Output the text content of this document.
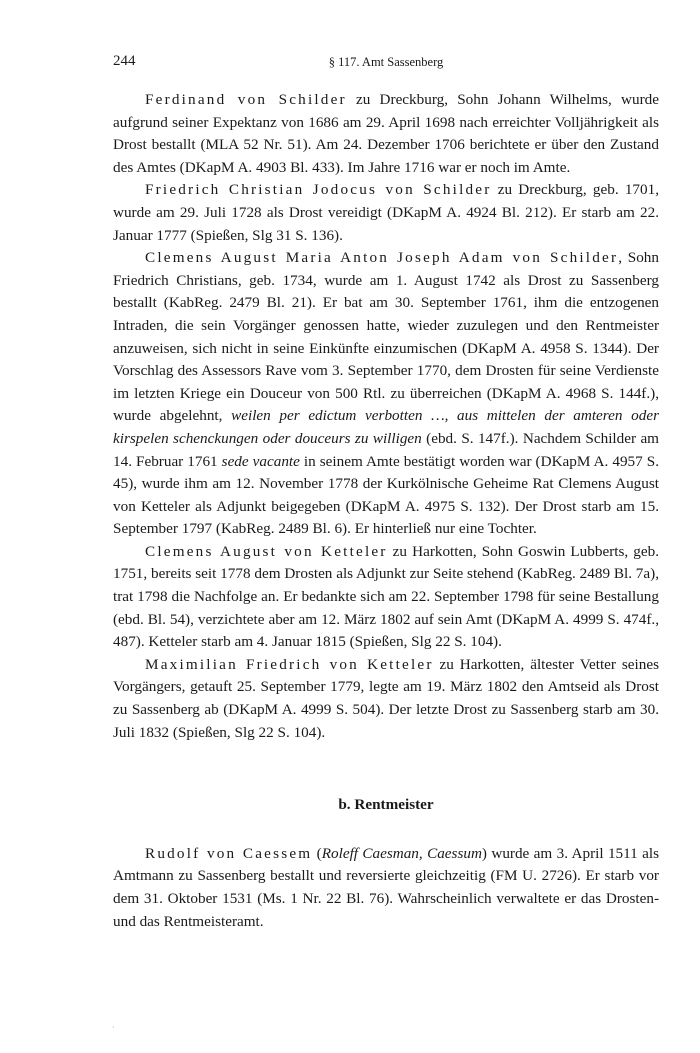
244	§ 117. Amt Sassenberg

Ferdinand von Schilder zu Dreckburg, Sohn Johann Wilhelms, wurde aufgrund seiner Expektanz von 1686 am 29. April 1698 nach erreichter Volljährigkeit als Drost bestallt (MLA 52 Nr. 51). Am 24. Dezember 1706 berichtete er über den Zustand des Amtes (DKapM A. 4903 Bl. 433). Im Jahre 1716 war er noch im Amte.

Friedrich Christian Jodocus von Schilder zu Dreckburg, geb. 1701, wurde am 29. Juli 1728 als Drost vereidigt (DKapM A. 4924 Bl. 212). Er starb am 22. Januar 1777 (Spießen, Slg 31 S. 136).

Clemens August Maria Anton Joseph Adam von Schilder, Sohn Friedrich Christians, geb. 1734, wurde am 1. August 1742 als Drost zu Sassenberg bestallt (KabReg. 2479 Bl. 21). Er bat am 30. September 1761, ihm die entzogenen Intraden, die sein Vorgänger genossen hatte, wieder zuzulegen und den Rentmeister anzuweisen, sich nicht in seine Einkünfte einzumischen (DKapM A. 4958 S. 1344). Der Vorschlag des Assessors Rave vom 3. September 1770, dem Drosten für seine Verdienste im letzten Kriege ein Douceur von 500 Rtl. zu überreichen (DKapM A. 4968 S. 144f.), wurde abgelehnt, weilen per edictum verbotten …, aus mittelen der amteren oder kirspelen schenckungen oder douceurs zu willigen (ebd. S. 147f.). Nachdem Schilder am 14. Februar 1761 sede vacante in seinem Amte bestätigt worden war (DKapM A. 4957 S. 45), wurde ihm am 12. November 1778 der Kurkölnische Geheime Rat Clemens August von Ketteler als Adjunkt beigegeben (DKapM A. 4975 S. 132). Der Drost starb am 15. September 1797 (KabReg. 2489 Bl. 6). Er hinterließ nur eine Tochter.

Clemens August von Ketteler zu Harkotten, Sohn Goswin Lubberts, geb. 1751, bereits seit 1778 dem Drosten als Adjunkt zur Seite stehend (KabReg. 2489 Bl. 7a), trat 1798 die Nachfolge an. Er bedankte sich am 22. September 1798 für seine Bestallung (ebd. Bl. 54), verzichtete aber am 12. März 1802 auf sein Amt (DKapM A. 4999 S. 474f., 487). Ketteler starb am 4. Januar 1815 (Spießen, Slg 22 S. 104).

Maximilian Friedrich von Ketteler zu Harkotten, ältester Vetter seines Vorgängers, getauft 25. September 1779, legte am 19. März 1802 den Amtseid als Drost zu Sassenberg ab (DKapM A. 4999 S. 504). Der letzte Drost zu Sassenberg starb am 30. Juli 1832 (Spießen, Slg 22 S. 104).

b. Rentmeister

Rudolf von Caessem (Roleff Caesman, Caessum) wurde am 3. April 1511 als Amtmann zu Sassenberg bestallt und reversierte gleichzeitig (FM U. 2726). Er starb vor dem 31. Oktober 1531 (Ms. 1 Nr. 22 Bl. 76). Wahrscheinlich verwaltete er das Drosten- und das Rentmeisteramt.

·
